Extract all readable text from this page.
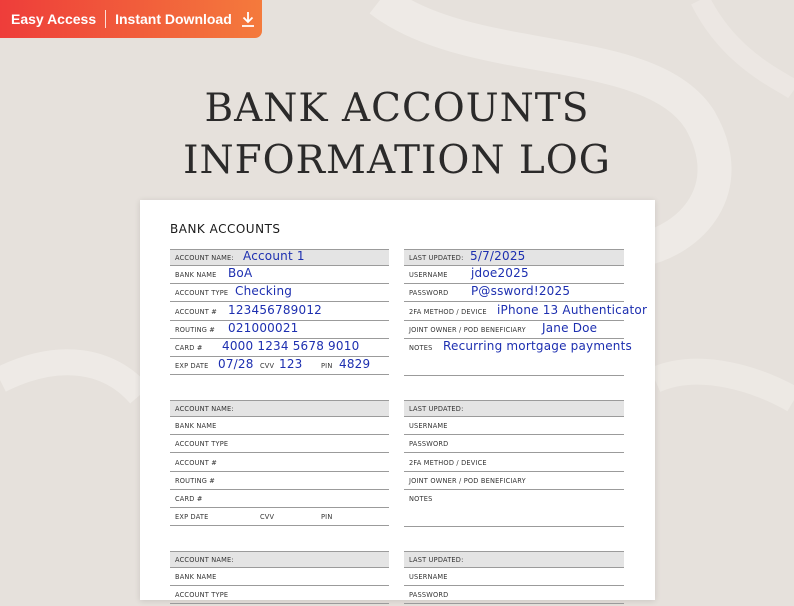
Easy Access Instant Download
BANK ACCOUNTS
INFORMATION LOG
BANK ACCOUNTS
ACCOUNT NAME: Account 1
BANK NAME BoA
ACCOUNT TYPE Checking
ACCOUNT # 123456789012
ROUTING # 021000021
CARD # 4000 1234 5678 9010
EXP DATE 07/28 CVV 123	PIN 4829
LAST UPDATED: 5/7/2025
USERNAME jdoe2025
PASSWORD P@ssword!2025
2FA METHOD / DEVICE iPhone 13 Authenticator
JOINT OWNER / POD BENEFICIARY Jane Doe
NOTES Recurring mortgage payments
ACCOUNT NAME:
BANK NAME
ACCOUNT TYPE
ACCOUNT #
ROUTING #
CARD #
EXP DATE	CVV	PIN
LAST UPDATED:
USERNAME
PASSWORD
2FA METHOD / DEVICE
JOINT OWNER / POD BENEFICIARY
NOTES
ACCOUNT NAME:
BANK NAME
ACCOUNT TYPE
LAST UPDATED:
USERNAME
PASSWORD
